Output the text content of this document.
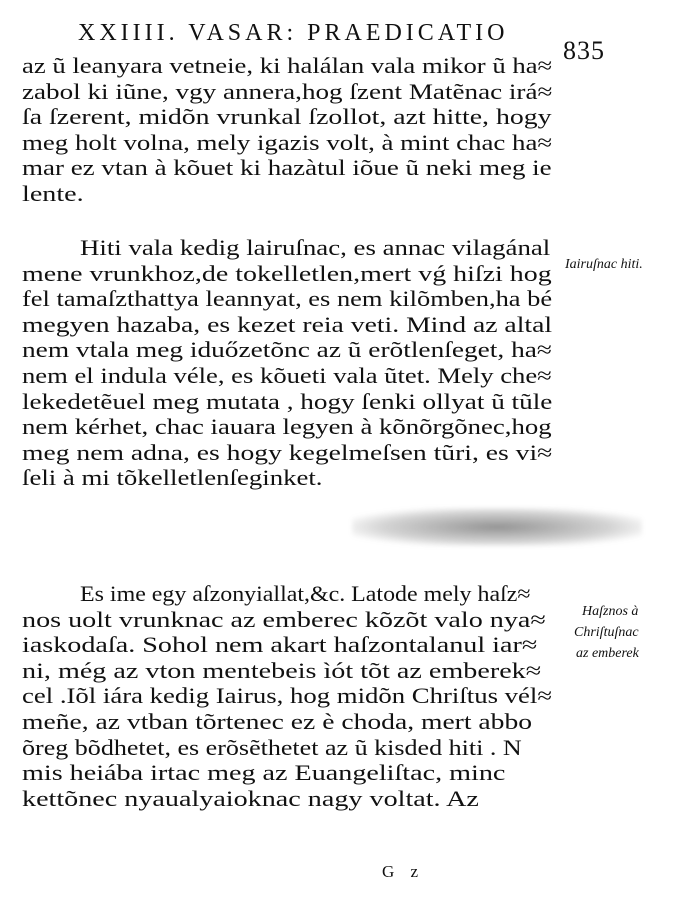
XXIIII. VASAR: PRAEDICATIO
835
az ũ leanyara vetneie, ki halálan vala mikor ũ ha≈
zabol ki iũne, vgy annera,hog ſzent Matẽnac irá≈
ſa ſzerent, midõn vrunkal ſzollot, azt hitte, hogy
meg holt volna, mely igazis volt, à mint chac ha≈
mar ez vtan à kõuet ki hazàtul iõue ũ neki meg ie
lente.
Hiti vala kedig lairuſnac, es annac vilagánal
mene vrunkhoz,de tokelletlen,mert vǵ hiſzi hog
fel tamaſzthattya leannyat, es nem kilõmben,ha bé
megyen hazaba, es kezet reia veti. Mind az altal
nem vtala meg iduőzetõnc az ũ erõtlenſeget, ha≈
nem el indula véle, es kõueti vala ũtet. Mely che≈
lekedetẽuel meg mutata , hogy ſenki ollyat ũ tũle
nem kérhet, chac iauara legyen à kõnõrgõnec,hog
meg nem adna, es hogy kegelmeſsen tũri, es vi≈
ſeli à mi tõkelletlenſeginket.
Es ime egy aſzonyiallat,&c. Latode mely haſz≈
nos uolt vrunknac az emberec kõzõt valo nya≈
iaskodaſa. Sohol nem akart haſzontalanul iar≈
ni, még az vton mentebeis ìót tõt az emberek≈
cel .Iõl iára kedig Iairus, hog midõn Chriſtus vél≈
meñe, az vtban tõrtenec ez è choda, mert abbo
õreg bõdhetet, es erõsẽthetet az ũ kisded hiti . N
mis heiába irtac meg az Euangeliſtac, minc
kettõnec nyaualyaioknac nagy voltat. Az
Iairuſnac hiti.
Haſznos à
Chriſtuſnac
az emberek
G z
